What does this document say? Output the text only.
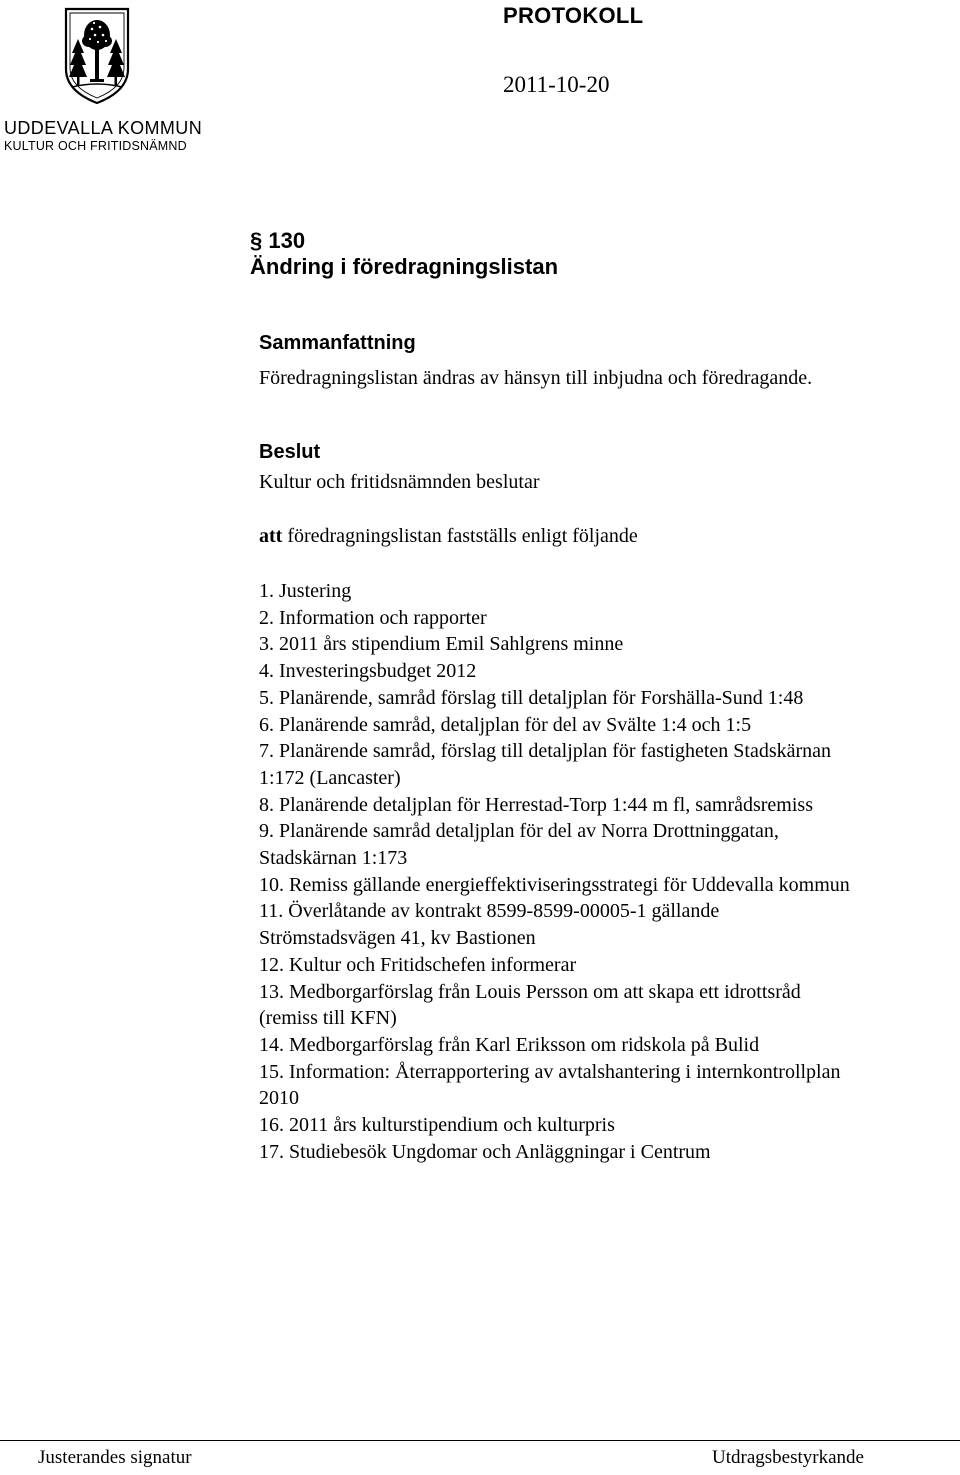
PROTOKOLL
2011-10-20
UDDEVALLA KOMMUN
KULTUR OCH FRITIDSNÄMND
§ 130
Ändring i föredragningslistan
Sammanfattning
Föredragningslistan ändras av hänsyn till inbjudna och föredragande.
Beslut
Kultur och fritidsnämnden beslutar
att föredragningslistan fastställs enligt följande
1. Justering
2. Information och rapporter
3. 2011 års stipendium Emil Sahlgrens minne
4. Investeringsbudget 2012
5. Planärende, samråd förslag till detaljplan för Forshälla-Sund 1:48
6. Planärende samråd, detaljplan för del av Svälte 1:4 och 1:5
7. Planärende samråd, förslag till detaljplan för fastigheten Stadskärnan
1:172 (Lancaster)
8. Planärende detaljplan för Herrestad-Torp 1:44 m fl, samrådsremiss
9. Planärende samråd detaljplan för del av Norra Drottninggatan,
Stadskärnan 1:173
10. Remiss gällande energieffektiviseringsstrategi för Uddevalla kommun
11. Överlåtande av kontrakt 8599-8599-00005-1 gällande
Strömstadsvägen 41, kv Bastionen
12. Kultur och Fritidschefen informerar
13. Medborgarförslag från Louis Persson om att skapa ett idrottsråd
(remiss till KFN)
14. Medborgarförslag från Karl Eriksson om ridskola på Bulid
15. Information: Återrapportering av avtalshantering i internkontrollplan
2010
16. 2011 års kulturstipendium och kulturpris
17. Studiebesök Ungdomar och Anläggningar i Centrum
Justerandes signatur	Utdragsbestyrkande
